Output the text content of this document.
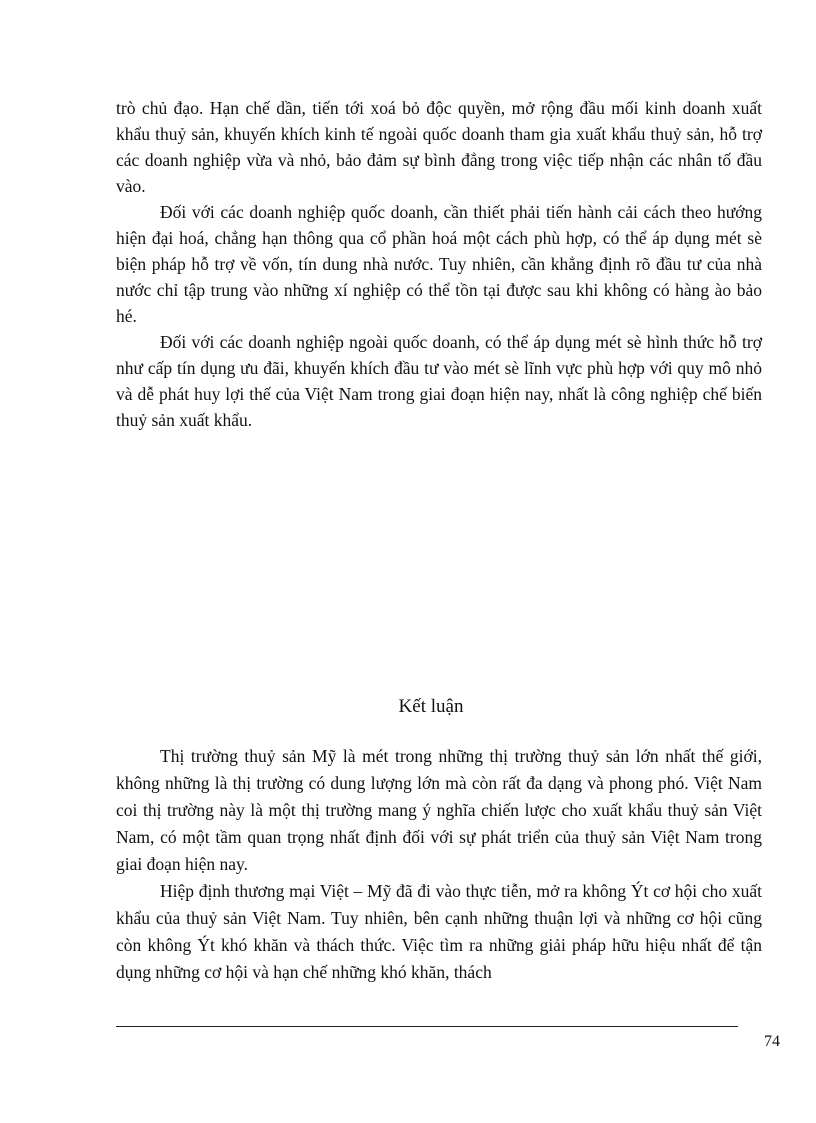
trò chủ đạo. Hạn chế dần, tiến tới xoá bỏ độc quyền, mở rộng đầu mối kinh doanh xuất khẩu thuỷ sản, khuyến khích kinh tế ngoài quốc doanh tham gia xuất khẩu thuỷ sản, hỗ trợ các doanh nghiệp vừa và nhỏ, bảo đảm sự bình đẳng trong việc tiếp nhận các nhân tố đầu vào.

Đối với các doanh nghiệp quốc doanh, cần thiết phải tiến hành cải cách theo hướng hiện đại hoá, chẳng hạn thông qua cổ phần hoá một cách phù hợp, có thể áp dụng mét sè biện pháp hỗ trợ về vốn, tín dung nhà nước. Tuy nhiên, cần khẳng định rõ đầu tư của nhà nước chỉ tập trung vào những xí nghiệp có thể tồn tại được sau khi không có hàng ào bảo hé.

Đối với các doanh nghiệp ngoài quốc doanh, có thể áp dụng mét sè hình thức hỗ trợ như cấp tín dụng ưu đãi, khuyến khích đầu tư vào mét sè lĩnh vực phù hợp với quy mô nhỏ và dễ phát huy lợi thế của Việt Nam trong giai đoạn hiện nay, nhất là công nghiệp chế biến thuỷ sản xuất khẩu.

Kết luận

Thị trường thuỷ sản Mỹ là mét trong những thị trường thuỷ sản lớn nhất thế giới, không những là thị trường có dung lượng lớn mà còn rất đa dạng và phong phó. Việt Nam coi thị trường này là một thị trường mang ý nghĩa chiến lược cho xuất khẩu thuỷ sản Việt Nam, có một tầm quan trọng nhất định đối với sự phát triển của thuỷ sản Việt Nam trong giai đoạn hiện nay.

Hiệp định thương mại Việt – Mỹ đã đi vào thực tiễn, mở ra không Ýt cơ hội cho xuất khẩu của thuỷ sản Việt Nam. Tuy nhiên, bên cạnh những thuận lợi và những cơ hội cũng còn không Ýt khó khăn và thách thức. Việc tìm ra những giải pháp hữu hiệu nhất để tận dụng những cơ hội và hạn chế những khó khăn, thách

74
